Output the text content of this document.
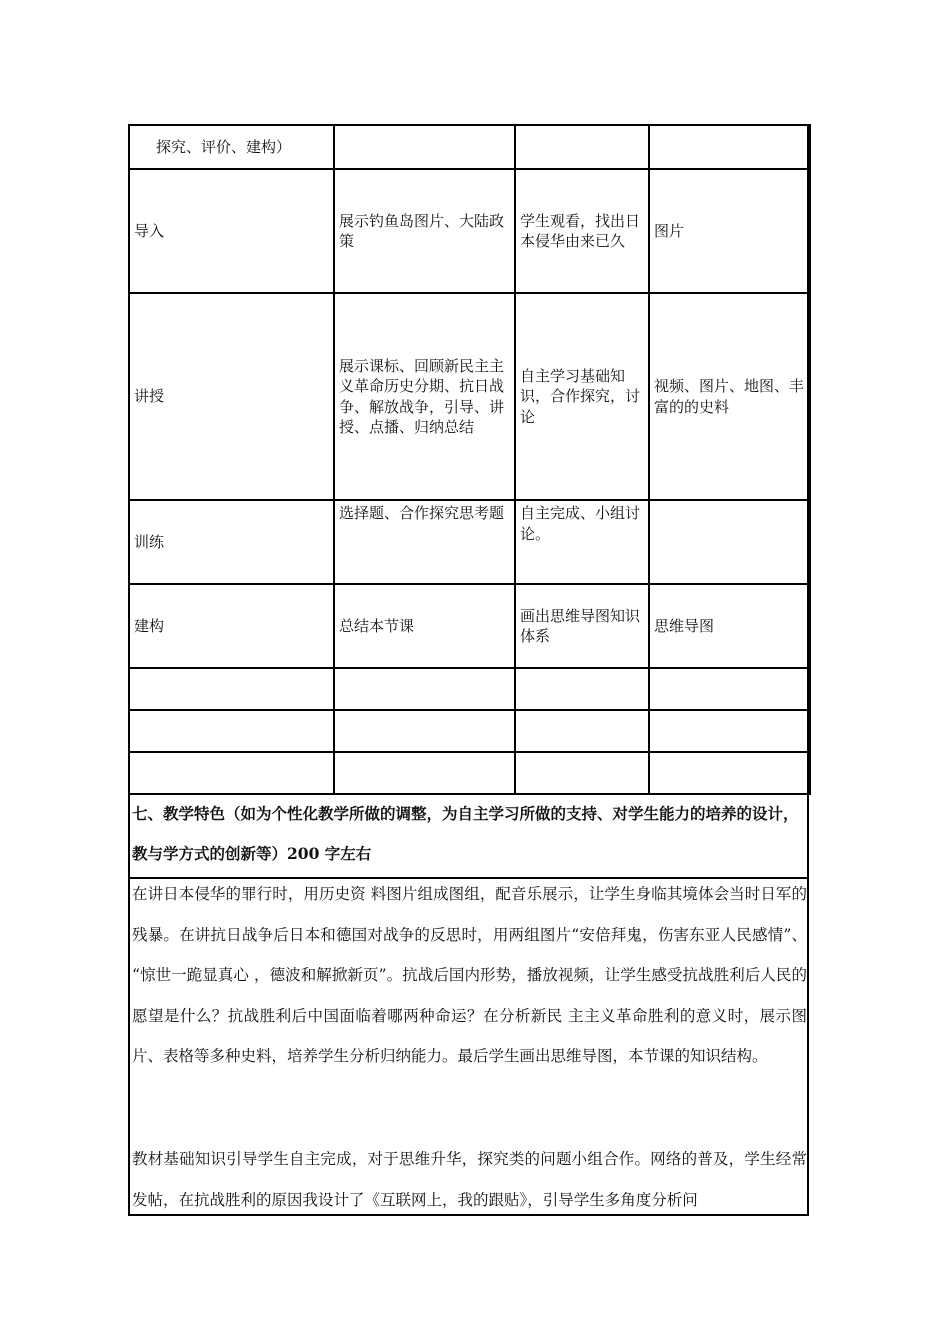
探究、评价、建构）			
导入	展示钓鱼岛图片、大陆政策	学生观看，找出日本侵华由来已久	图片
讲授	展示课标、回顾新民主主义革命历史分期、抗日战争、解放战争，引导、讲授、点播、归纳总结	自主学习基础知识，合作探究，讨论	视频、图片、地图、丰富的的史料
训练	选择题、合作探究思考题	自主完成、小组讨论。	
建构	总结本节课	画出思维导图知识体系	思维导图

七、教学特色（如为个性化教学所做的调整，为自主学习所做的支持、对学生能力的培养的设计，教与学方式的创新等）200 字左右
在讲日本侵华的罪行时，用历史资 料图片组成图组，配音乐展示，让学生身临其境体会当时日军的残暴。在讲抗日战争后日本和德国对战争的反思时，用两组图片“安倍拜鬼，伤害东亚人民感情”、 “惊世一跪显真心 ，德波和解掀新页”。抗战后国内形势，播放视频，让学生感受抗战胜利后人民的愿望是什么？抗战胜利后中国面临着哪两种命运？在分析新民 主主义革命胜利的意义时，展示图片、表格等多种史料，培养学生分析归纳能力。最后学生画出思维导图，本节课的知识结构。
教材基础知识引导学生自主完成，对于思维升华，探究类的问题小组合作。网络的普及，学生经常发帖，在抗战胜利的原因我设计了《互联网上，我的跟贴》，引导学生多角度分析问
